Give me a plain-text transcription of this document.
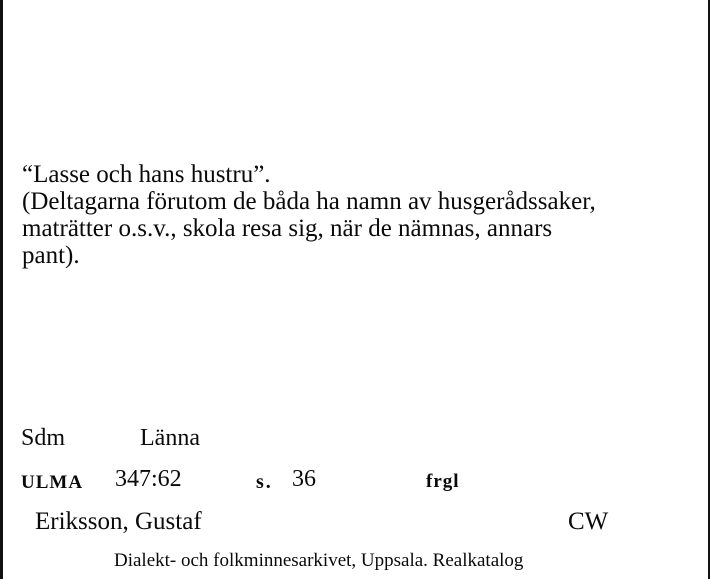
“Lasse och hans hustru”.
(Deltagarna förutom de båda ha namn av husgerådssaker,
maträtter o.s.v., skola resa sig, när de nämnas, annars
pant).
Sdm	Länna
ULMA 347:62	s. 36	frgl
Eriksson, Gustaf	CW
Dialekt- och folkminnesarkivet, Uppsala. Realkatalog
